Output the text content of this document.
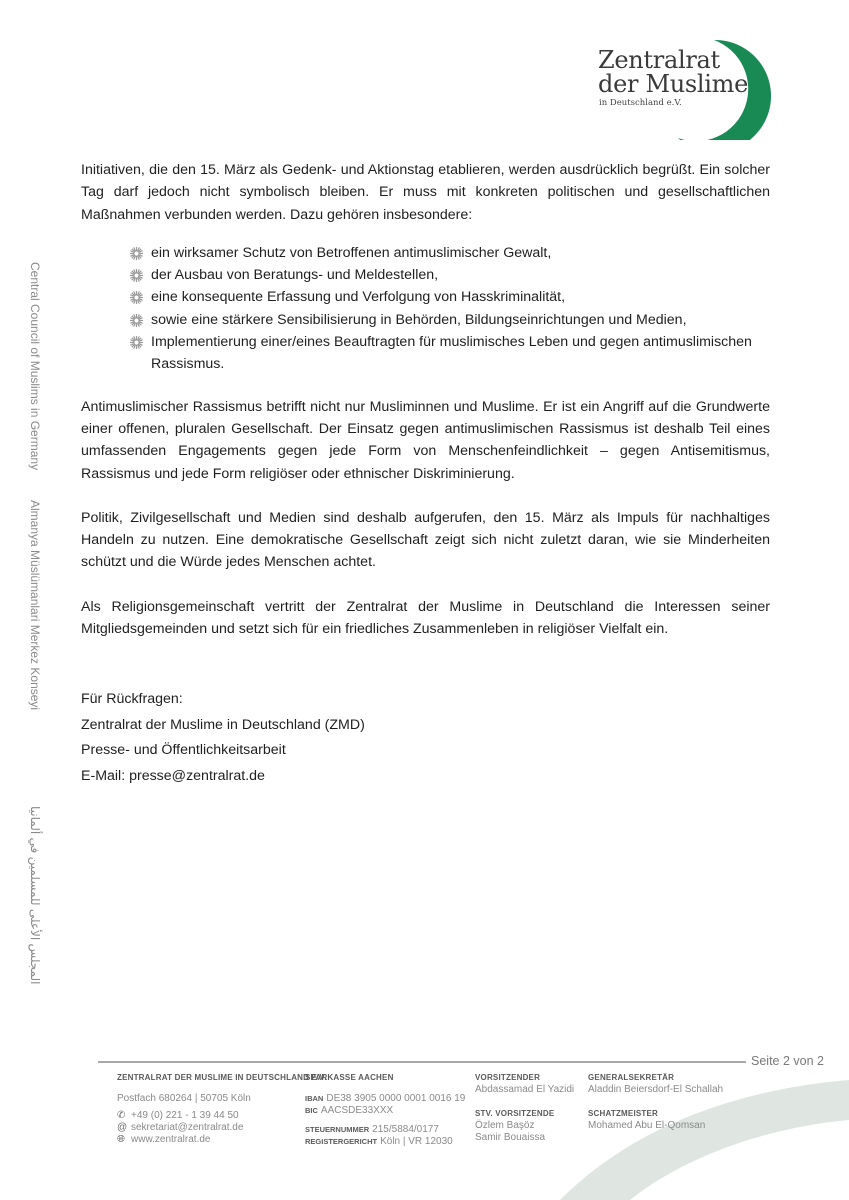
Zentralrat
der Muslime
in Deutschland e.V.
Central Council of Muslims in Germany
Almanya Müslümanlari Merkez Konseyi
المجلس الأعلى للمسلمين في ألمانيا

Initiativen, die den 15. März als Gedenk- und Aktionstag etablieren, werden ausdrücklich begrüßt. Ein solcher Tag darf jedoch nicht symbolisch bleiben. Er muss mit konkreten politischen und gesellschaftlichen Maßnahmen verbunden werden. Dazu gehören insbesondere:

ein wirksamer Schutz von Betroffenen antimuslimischer Gewalt,
der Ausbau von Beratungs- und Meldestellen,
eine konsequente Erfassung und Verfolgung von Hasskriminalität,
sowie eine stärkere Sensibilisierung in Behörden, Bildungseinrichtungen und Medien,
Implementierung einer/eines Beauftragten für muslimisches Leben und gegen antimuslimischen Rassismus.

Antimuslimischer Rassismus betrifft nicht nur Musliminnen und Muslime. Er ist ein Angriff auf die Grundwerte einer offenen, pluralen Gesellschaft. Der Einsatz gegen antimuslimischen Rassismus ist deshalb Teil eines umfassenden Engagements gegen jede Form von Menschenfeindlichkeit – gegen Antisemitismus, Rassismus und jede Form religiöser oder ethnischer Diskriminierung.

Politik, Zivilgesellschaft und Medien sind deshalb aufgerufen, den 15. März als Impuls für nachhaltiges Handeln zu nutzen. Eine demokratische Gesellschaft zeigt sich nicht zuletzt daran, wie sie Minderheiten schützt und die Würde jedes Menschen achtet.

Als Religionsgemeinschaft vertritt der Zentralrat der Muslime in Deutschland die Interessen seiner Mitgliedsgemeinden und setzt sich für ein friedliches Zusammenleben in religiöser Vielfalt ein.

Für Rückfragen:

Zentralrat der Muslime in Deutschland (ZMD)

Presse- und Öffentlichkeitsarbeit

E-Mail: presse@zentralrat.de

Seite 2 von 2
ZENTRALRAT DER MUSLIME IN DEUTSCHLAND E.V.
Postfach 680264 | 50705 Köln
✆ +49 (0) 221 - 1 39 44 50
@ sekretariat@zentralrat.de
🌐︎ www.zentralrat.de
SPARKASSE AACHEN
IBAN DE38 3905 0000 0001 0016 19
BIC AACSDE33XXX
STEUERNUMMER 215/5884/0177
REGISTERGERICHT Köln | VR 12030
VORSITZENDER
Abdassamad El Yazidi
STV. VORSITZENDE
Özlem Başöz
Samir Bouaissa
GENERALSEKRETÄR
Aladdin Beiersdorf-El Schallah
SCHATZMEISTER
Mohamed Abu El-Qomsan
